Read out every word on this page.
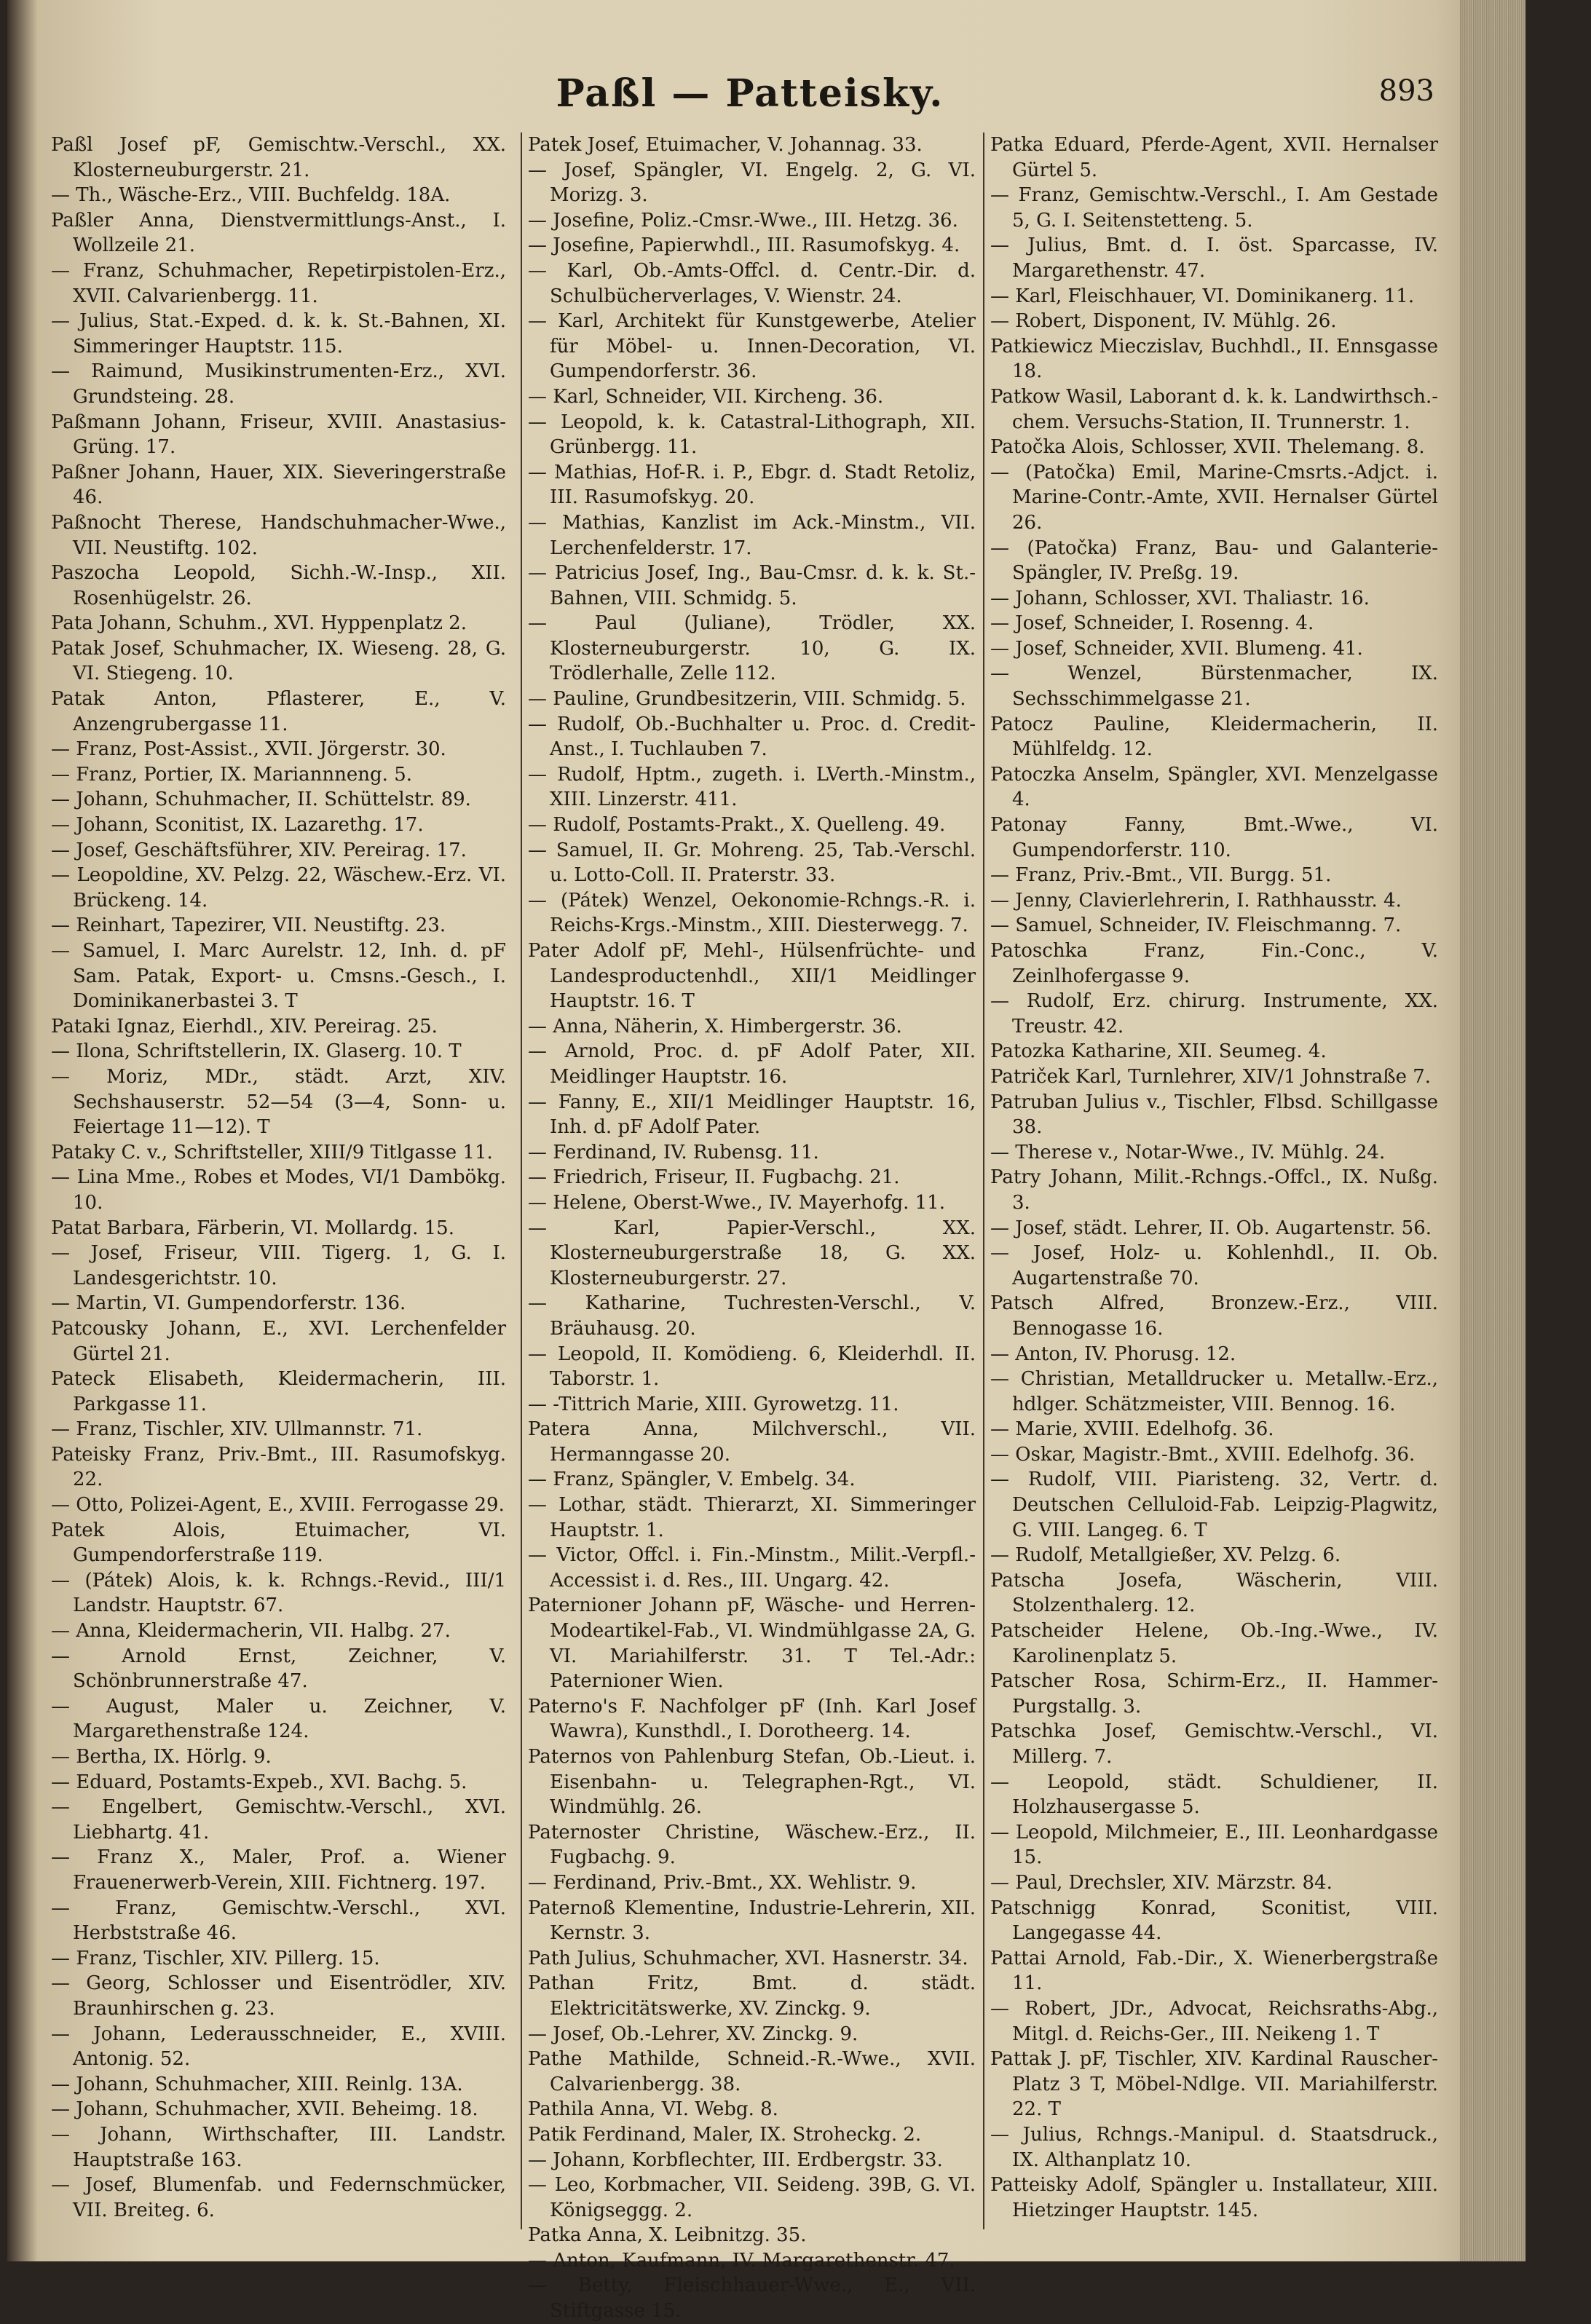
Paßl — Patteisky.	893

Paßl Josef pF, Gemischtw.-Verschl., XX. Klosterneuburgerstr. 21.

— Th., Wäsche-Erz., VIII. Buchfeldg. 18A.

Paßler Anna, Dienstvermittlungs-Anst., I. Wollzeile 21.

— Franz, Schuhmacher, Repetirpistolen-Erz., XVII. Calvarienbergg. 11.

— Julius, Stat.-Exped. d. k. k. St.-Bahnen, XI. Simmeringer Hauptstr. 115.

— Raimund, Musikinstrumenten-Erz., XVI. Grundsteing. 28.

Paßmann Johann, Friseur, XVIII. Anastasius-Grüng. 17.

Paßner Johann, Hauer, XIX. Sieveringerstraße 46.

Paßnocht Therese, Handschuhmacher-Wwe., VII. Neustiftg. 102.

Paszocha Leopold, Sichh.-W.-Insp., XII. Rosenhügelstr. 26.

Pata Johann, Schuhm., XVI. Hyppenplatz 2.

Patak Josef, Schuhmacher, IX. Wieseng. 28, G. VI. Stiegeng. 10.

Patak Anton, Pflasterer, E., V. Anzengrubergasse 11.

— Franz, Post-Assist., XVII. Jörgerstr. 30.

— Franz, Portier, IX. Mariannneng. 5.

— Johann, Schuhmacher, II. Schüttelstr. 89.

— Johann, Sconitist, IX. Lazarethg. 17.

— Josef, Geschäftsführer, XIV. Pereirag. 17.

— Leopoldine, XV. Pelzg. 22, Wäschew.-Erz. VI. Brückeng. 14.

— Reinhart, Tapezirer, VII. Neustiftg. 23.

— Samuel, I. Marc Aurelstr. 12, Inh. d. pF Sam. Patak, Export- u. Cmsns.-Gesch., I. Dominikanerbastei 3. T

Pataki Ignaz, Eierhdl., XIV. Pereirag. 25.

— Ilona, Schriftstellerin, IX. Glaserg. 10. T

— Moriz, MDr., städt. Arzt, XIV. Sechshauserstr. 52—54 (3—4, Sonn- u. Feiertage 11—12). T

Pataky C. v., Schriftsteller, XIII/9 Titlgasse 11.

— Lina Mme., Robes et Modes, VI/1 Dambökg. 10.

Patat Barbara, Färberin, VI. Mollardg. 15.

— Josef, Friseur, VIII. Tigerg. 1, G. I. Landesgerichtstr. 10.

— Martin, VI. Gumpendorferstr. 136.

Patcousky Johann, E., XVI. Lerchenfelder Gürtel 21.

Pateck Elisabeth, Kleidermacherin, III. Parkgasse 11.

— Franz, Tischler, XIV. Ullmannstr. 71.

Pateisky Franz, Priv.-Bmt., III. Rasumofskyg. 22.

— Otto, Polizei-Agent, E., XVIII. Ferrogasse 29.

Patek Alois, Etuimacher, VI. Gumpendorferstraße 119.

— (Pátek) Alois, k. k. Rchngs.-Revid., III/1 Landstr. Hauptstr. 67.

— Anna, Kleidermacherin, VII. Halbg. 27.

— Arnold Ernst, Zeichner, V. Schönbrunnerstraße 47.

— August, Maler u. Zeichner, V. Margarethenstraße 124.

— Bertha, IX. Hörlg. 9.

— Eduard, Postamts-Expeb., XVI. Bachg. 5.

— Engelbert, Gemischtw.-Verschl., XVI. Liebhartg. 41.

— Franz X., Maler, Prof. a. Wiener Frauenerwerb-Verein, XIII. Fichtnerg. 197.

— Franz, Gemischtw.-Verschl., XVI. Herbststraße 46.

— Franz, Tischler, XIV. Pillerg. 15.

— Georg, Schlosser und Eisentrödler, XIV. Braunhirschen g. 23.

— Johann, Lederausschneider, E., XVIII. Antonig. 52.

— Johann, Schuhmacher, XIII. Reinlg. 13A.

— Johann, Schuhmacher, XVII. Beheimg. 18.

— Johann, Wirthschafter, III. Landstr. Hauptstraße 163.

— Josef, Blumenfab. und Federnschmücker, VII. Breiteg. 6.

Patek Josef, Etuimacher, V. Johannag. 33.

— Josef, Spängler, VI. Engelg. 2, G. VI. Morizg. 3.

— Josefine, Poliz.-Cmsr.-Wwe., III. Hetzg. 36.

— Josefine, Papierwhdl., III. Rasumofskyg. 4.

— Karl, Ob.-Amts-Offcl. d. Centr.-Dir. d. Schulbücherverlages, V. Wienstr. 24.

— Karl, Architekt für Kunstgewerbe, Atelier für Möbel- u. Innen-Decoration, VI. Gumpendorferstr. 36.

— Karl, Schneider, VII. Kircheng. 36.

— Leopold, k. k. Catastral-Lithograph, XII. Grünbergg. 11.

— Mathias, Hof-R. i. P., Ebgr. d. Stadt Retoliz, III. Rasumofskyg. 20.

— Mathias, Kanzlist im Ack.-Minstm., VII. Lerchenfelderstr. 17.

— Patricius Josef, Ing., Bau-Cmsr. d. k. k. St.-Bahnen, VIII. Schmidg. 5.

— Paul (Juliane), Trödler, XX. Klosterneuburgerstr. 10, G. IX. Trödlerhalle, Zelle 112.

— Pauline, Grundbesitzerin, VIII. Schmidg. 5.

— Rudolf, Ob.-Buchhalter u. Proc. d. Credit-Anst., I. Tuchlauben 7.

— Rudolf, Hptm., zugeth. i. LVerth.-Minstm., XIII. Linzerstr. 411.

— Rudolf, Postamts-Prakt., X. Quelleng. 49.

— Samuel, II. Gr. Mohreng. 25, Tab.-Verschl. u. Lotto-Coll. II. Praterstr. 33.

— (Pátek) Wenzel, Oekonomie-Rchngs.-R. i. Reichs-Krgs.-Minstm., XIII. Diesterwegg. 7.

Pater Adolf pF, Mehl-, Hülsenfrüchte- und Landesproductenhdl., XII/1 Meidlinger Hauptstr. 16. T

— Anna, Näherin, X. Himbergerstr. 36.

— Arnold, Proc. d. pF Adolf Pater, XII. Meidlinger Hauptstr. 16.

— Fanny, E., XII/1 Meidlinger Hauptstr. 16, Inh. d. pF Adolf Pater.

— Ferdinand, IV. Rubensg. 11.

— Friedrich, Friseur, II. Fugbachg. 21.

— Helene, Oberst-Wwe., IV. Mayerhofg. 11.

— Karl, Papier-Verschl., XX. Klosterneuburgerstraße 18, G. XX. Klosterneuburgerstr. 27.

— Katharine, Tuchresten-Verschl., V. Bräuhausg. 20.

— Leopold, II. Komödieng. 6, Kleiderhdl. II. Taborstr. 1.

— -Tittrich Marie, XIII. Gyrowetzg. 11.

Patera Anna, Milchverschl., VII. Hermanngasse 20.

— Franz, Spängler, V. Embelg. 34.

— Lothar, städt. Thierarzt, XI. Simmeringer Hauptstr. 1.

— Victor, Offcl. i. Fin.-Minstm., Milit.-Verpfl.-Accessist i. d. Res., III. Ungarg. 42.

Paternioner Johann pF, Wäsche- und Herren-Modeartikel-Fab., VI. Windmühlgasse 2A, G. VI. Mariahilferstr. 31. T Tel.-Adr.: Paternioner Wien.

Paterno's F. Nachfolger pF (Inh. Karl Josef Wawra), Kunsthdl., I. Dorotheerg. 14.

Paternos von Pahlenburg Stefan, Ob.-Lieut. i. Eisenbahn- u. Telegraphen-Rgt., VI. Windmühlg. 26.

Paternoster Christine, Wäschew.-Erz., II. Fugbachg. 9.

— Ferdinand, Priv.-Bmt., XX. Wehlistr. 9.

Paternoß Klementine, Industrie-Lehrerin, XII. Kernstr. 3.

Path Julius, Schuhmacher, XVI. Hasnerstr. 34.

Pathan Fritz, Bmt. d. städt. Elektricitätswerke, XV. Zinckg. 9.

— Josef, Ob.-Lehrer, XV. Zinckg. 9.

Pathe Mathilde, Schneid.-R.-Wwe., XVII. Calvarienbergg. 38.

Pathila Anna, VI. Webg. 8.

Patik Ferdinand, Maler, IX. Stroheckg. 2.

— Johann, Korbflechter, III. Erdbergstr. 33.

— Leo, Korbmacher, VII. Seideng. 39B, G. VI. Königseggg. 2.

Patka Anna, X. Leibnitzg. 35.

— Anton, Kaufmann, IV. Margarethenstr. 47.

— Betty, Fleischhauer-Wwe., E., VII. Stiftgasse 15.

Patka Eduard, Pferde-Agent, XVII. Hernalser Gürtel 5.

— Franz, Gemischtw.-Verschl., I. Am Gestade 5, G. I. Seitenstetteng. 5.

— Julius, Bmt. d. I. öst. Sparcasse, IV. Margarethenstr. 47.

— Karl, Fleischhauer, VI. Dominikanerg. 11.

— Robert, Disponent, IV. Mühlg. 26.

Patkiewicz Mieczislav, Buchhdl., II. Ennsgasse 18.

Patkow Wasil, Laborant d. k. k. Landwirthsch.-chem. Versuchs-Station, II. Trunnerstr. 1.

Patočka Alois, Schlosser, XVII. Thelemang. 8.

— (Patočka) Emil, Marine-Cmsrts.-Adjct. i. Marine-Contr.-Amte, XVII. Hernalser Gürtel 26.

— (Patočka) Franz, Bau- und Galanterie-Spängler, IV. Preßg. 19.

— Johann, Schlosser, XVI. Thaliastr. 16.

— Josef, Schneider, I. Rosenng. 4.

— Josef, Schneider, XVII. Blumeng. 41.

— Wenzel, Bürstenmacher, IX. Sechsschimmelgasse 21.

Patocz Pauline, Kleidermacherin, II. Mühlfeldg. 12.

Patoczka Anselm, Spängler, XVI. Menzelgasse 4.

Patonay Fanny, Bmt.-Wwe., VI. Gumpendorferstr. 110.

— Franz, Priv.-Bmt., VII. Burgg. 51.

— Jenny, Clavierlehrerin, I. Rathhausstr. 4.

— Samuel, Schneider, IV. Fleischmanng. 7.

Patoschka Franz, Fin.-Conc., V. Zeinlhofergasse 9.

— Rudolf, Erz. chirurg. Instrumente, XX. Treustr. 42.

Patozka Katharine, XII. Seumeg. 4.

Patriček Karl, Turnlehrer, XIV/1 Johnstraße 7.

Patruban Julius v., Tischler, Flbsd. Schillgasse 38.

— Therese v., Notar-Wwe., IV. Mühlg. 24.

Patry Johann, Milit.-Rchngs.-Offcl., IX. Nußg. 3.

— Josef, städt. Lehrer, II. Ob. Augartenstr. 56.

— Josef, Holz- u. Kohlenhdl., II. Ob. Augartenstraße 70.

Patsch Alfred, Bronzew.-Erz., VIII. Bennogasse 16.

— Anton, IV. Phorusg. 12.

— Christian, Metalldrucker u. Metallw.-Erz., hdlger. Schätzmeister, VIII. Bennog. 16.

— Marie, XVIII. Edelhofg. 36.

— Oskar, Magistr.-Bmt., XVIII. Edelhofg. 36.

— Rudolf, VIII. Piaristeng. 32, Vertr. d. Deutschen Celluloid-Fab. Leipzig-Plagwitz, G. VIII. Langeg. 6. T

— Rudolf, Metallgießer, XV. Pelzg. 6.

Patscha Josefa, Wäscherin, VIII. Stolzenthalerg. 12.

Patscheider Helene, Ob.-Ing.-Wwe., IV. Karolinenplatz 5.

Patscher Rosa, Schirm-Erz., II. Hammer-Purgstallg. 3.

Patschka Josef, Gemischtw.-Verschl., VI. Millerg. 7.

— Leopold, städt. Schuldiener, II. Holzhausergasse 5.

— Leopold, Milchmeier, E., III. Leonhardgasse 15.

— Paul, Drechsler, XIV. Märzstr. 84.

Patschnigg Konrad, Sconitist, VIII. Langegasse 44.

Pattai Arnold, Fab.-Dir., X. Wienerbergstraße 11.

— Robert, JDr., Advocat, Reichsraths-Abg., Mitgl. d. Reichs-Ger., III. Neikeng 1. T

Pattak J. pF, Tischler, XIV. Kardinal Rauscher-Platz 3 T, Möbel-Ndlge. VII. Mariahilferstr. 22. T

— Julius, Rchngs.-Manipul. d. Staatsdruck., IX. Althanplatz 10.

Patteisky Adolf, Spängler u. Installateur, XIII. Hietzinger Hauptstr. 145.
